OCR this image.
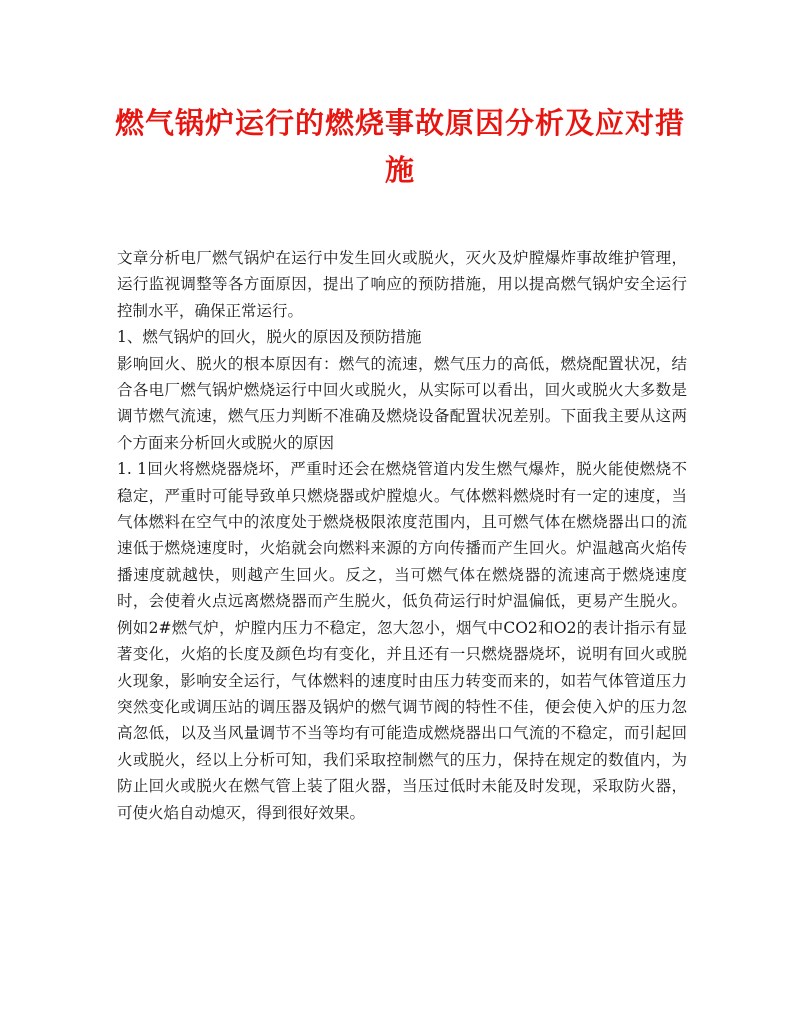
燃气锅炉运行的燃烧事故原因分析及应对措施

文章分析电厂燃气锅炉在运行中发生回火或脱火，灭火及炉膛爆炸事故维护管理，运行监视调整等各方面原因，提出了响应的预防措施，用以提高燃气锅炉安全运行控制水平，确保正常运行。

1、燃气锅炉的回火，脱火的原因及预防措施

影响回火、脱火的根本原因有：燃气的流速，燃气压力的高低，燃烧配置状况，结合各电厂燃气锅炉燃烧运行中回火或脱火，从实际可以看出，回火或脱火大多数是调节燃气流速，燃气压力判断不准确及燃烧设备配置状况差别。下面我主要从这两个方面来分析回火或脱火的原因

1. 1回火将燃烧器烧坏，严重时还会在燃烧管道内发生燃气爆炸，脱火能使燃烧不稳定，严重时可能导致单只燃烧器或炉膛熄火。气体燃料燃烧时有一定的速度，当气体燃料在空气中的浓度处于燃烧极限浓度范围内，且可燃气体在燃烧器出口的流速低于燃烧速度时，火焰就会向燃料来源的方向传播而产生回火。炉温越高火焰传播速度就越快，则越产生回火。反之，当可燃气体在燃烧器的流速高于燃烧速度时，会使着火点远离燃烧器而产生脱火，低负荷运行时炉温偏低，更易产生脱火。例如2#燃气炉，炉膛内压力不稳定，忽大忽小，烟气中CO2和O2的表计指示有显著变化，火焰的长度及颜色均有变化，并且还有一只燃烧器烧坏，说明有回火或脱火现象，影响安全运行，气体燃料的速度时由压力转变而来的，如若气体管道压力突然变化或调压站的调压器及锅炉的燃气调节阀的特性不佳，便会使入炉的压力忽高忽低，以及当风量调节不当等均有可能造成燃烧器出口气流的不稳定，而引起回火或脱火，经以上分析可知，我们采取控制燃气的压力，保持在规定的数值内，为防止回火或脱火在燃气管上装了阻火器，当压过低时未能及时发现，采取防火器，可使火焰自动熄灭，得到很好效果。
